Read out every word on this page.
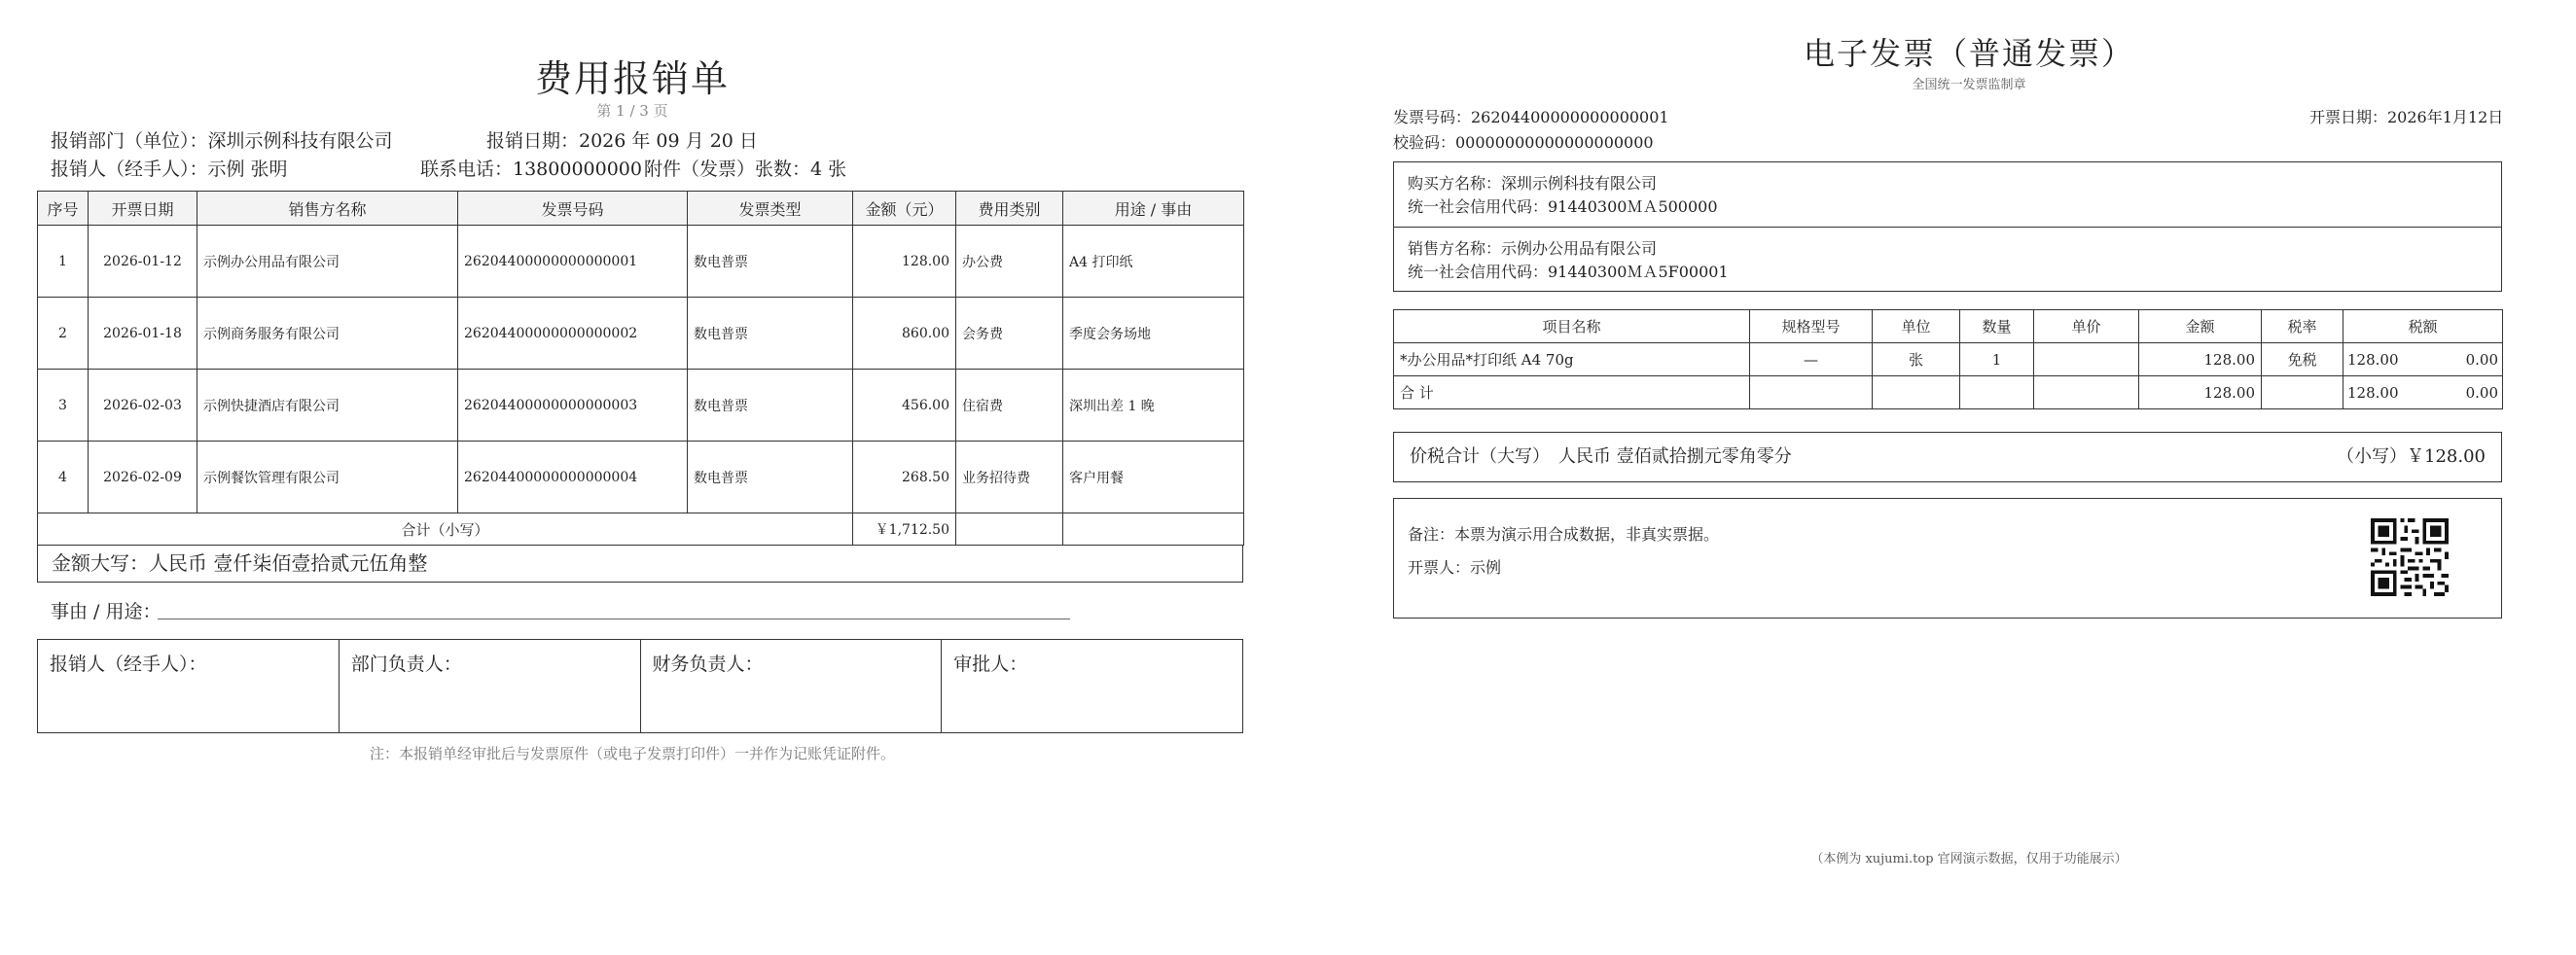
费用报销单
第 1 / 3 页
报销部门（单位）：深圳示例科技有限公司	报销日期：2026 年 09 月 20 日
报销人（经手人）：示例 张明	联系电话：13800000000 附件（发票）张数：4 张
序号	开票日期	销售方名称	发票号码	发票类型	金额（元）	费用类别	用途 / 事由
1	2026-01-12	示例办公用品有限公司	26204400000000000001	数电普票	128.00	办公费	A4 打印纸
2	2026-01-18	示例商务服务有限公司	26204400000000000002	数电普票	860.00	会务费	季度会务场地
3	2026-02-03	示例快捷酒店有限公司	26204400000000000003	数电普票	456.00	住宿费	深圳出差 1 晚
4	2026-02-09	示例餐饮管理有限公司	26204400000000000004	数电普票	268.50	业务招待费	客户用餐
合计（小写）					￥1,712.50		
金额大写：人民币 壹仟柒佰壹拾贰元伍角整
事由 / 用途：
报销人（经手人）：	部门负责人：	财务负责人：	审批人：
注：本报销单经审批后与发票原件（或电子发票打印件）一并作为记账凭证附件。
电子发票（普通发票）
全国统一发票监制章
发票号码：26204400000000000001
校验码：00000000000000000000
开票日期：2026年1月12日
购买方名称：深圳示例科技有限公司
统一社会信用代码：91440300ＭＡ500000
销售方名称：示例办公用品有限公司
统一社会信用代码：91440300ＭＡ5F00001
项目名称	规格型号	单位	数量	单价	金额	税率	税额
*办公用品*打印纸 A4 70g	—	张	1		128.00	免税	128.00 0.00

合 计					128.00		128.00 0.00
价税合计（大写）　人民币 壹佰贰拾捌元零角零分	（小写）￥128.00
备注：本票为演示用合成数据，非真实票据。
开票人：示例
（本例为 xujumi.top 官网演示数据，仅用于功能展示）
